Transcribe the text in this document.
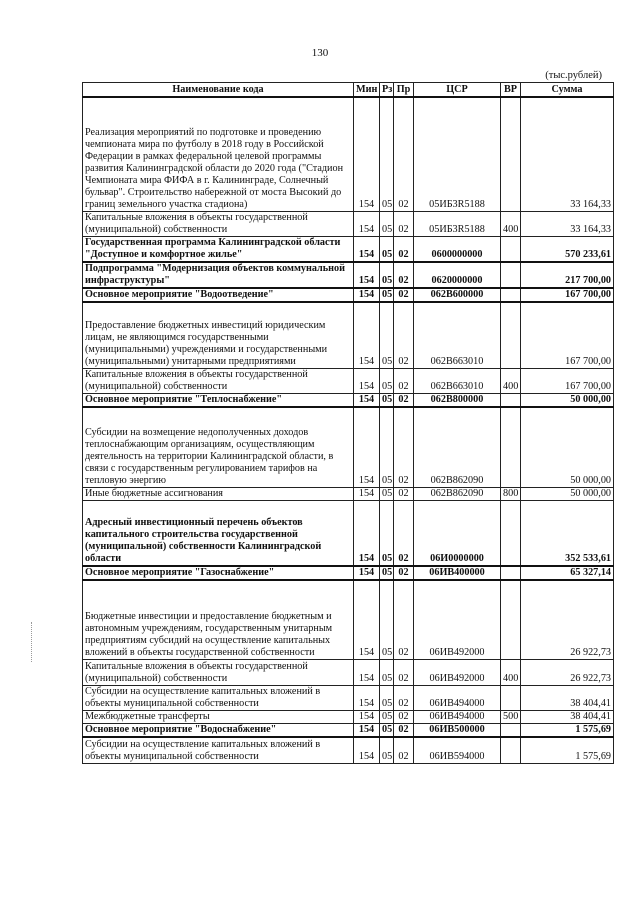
130
(тыс.рублей)
Наименование кода	Мин	Рз	Пр	ЦСР	ВР	Сумма
Реализация мероприятий по подготовке и проведению чемпионата мира по футболу в 2018 году в Российской Федерации в рамках федеральной целевой программы развития Калининградской области до 2020 года ("Стадион Чемпионата мира ФИФА в г. Калининграде, Солнечный бульвар". Строительство набережной от моста Высокий до границ земельного участка стадиона)	154	05	02	05ИБ3R5188		33 164,33
Капитальные вложения в объекты государственной (муниципальной) собственности	154	05	02	05ИБ3R5188	400	33 164,33
Государственная программа Калининградской области "Доступное и комфортное жилье"	154	05	02	0600000000		570 233,61
Подпрограмма "Модернизация объектов коммунальной инфраструктуры"	154	05	02	0620000000		217 700,00
Основное мероприятие "Водоотведение"	154	05	02	062В600000		167 700,00
Предоставление бюджетных инвестиций юридическим лицам, не являющимся государственными (муниципальными) учреждениями и государственными (муниципальными) унитарными предприятиями	154	05	02	062В663010		167 700,00
Капитальные вложения в объекты государственной (муниципальной) собственности	154	05	02	062В663010	400	167 700,00
Основное мероприятие "Теплоснабжение"	154	05	02	062В800000		50 000,00
Субсидии на возмещение недополученных доходов теплоснабжающим организациям, осуществляющим деятельность на территории Калининградской области, в связи с государственным регулированием тарифов на тепловую энергию	154	05	02	062В862090		50 000,00
Иные бюджетные ассигнования	154	05	02	062В862090	800	50 000,00
Адресный инвестиционный перечень объектов капитального строительства государственной (муниципальной) собственности Калининградской области	154	05	02	06И0000000		352 533,61
Основное мероприятие "Газоснабжение"	154	05	02	06ИВ400000		65 327,14
Бюджетные инвестиции и предоставление бюджетным и автономным учреждениям, государственным унитарным предприятиям субсидий на осуществление капитальных вложений в объекты государственной собственности	154	05	02	06ИВ492000		26 922,73
Капитальные вложения в объекты государственной (муниципальной) собственности	154	05	02	06ИВ492000	400	26 922,73
Субсидии на осуществление капитальных вложений в объекты муниципальной собственности	154	05	02	06ИВ494000		38 404,41
Межбюджетные трансферты	154	05	02	06ИВ494000	500	38 404,41
Основное мероприятие "Водоснабжение"	154	05	02	06ИВ500000		1 575,69
Субсидии на осуществление капитальных вложений в объекты муниципальной собственности	154	05	02	06ИВ594000		1 575,69
